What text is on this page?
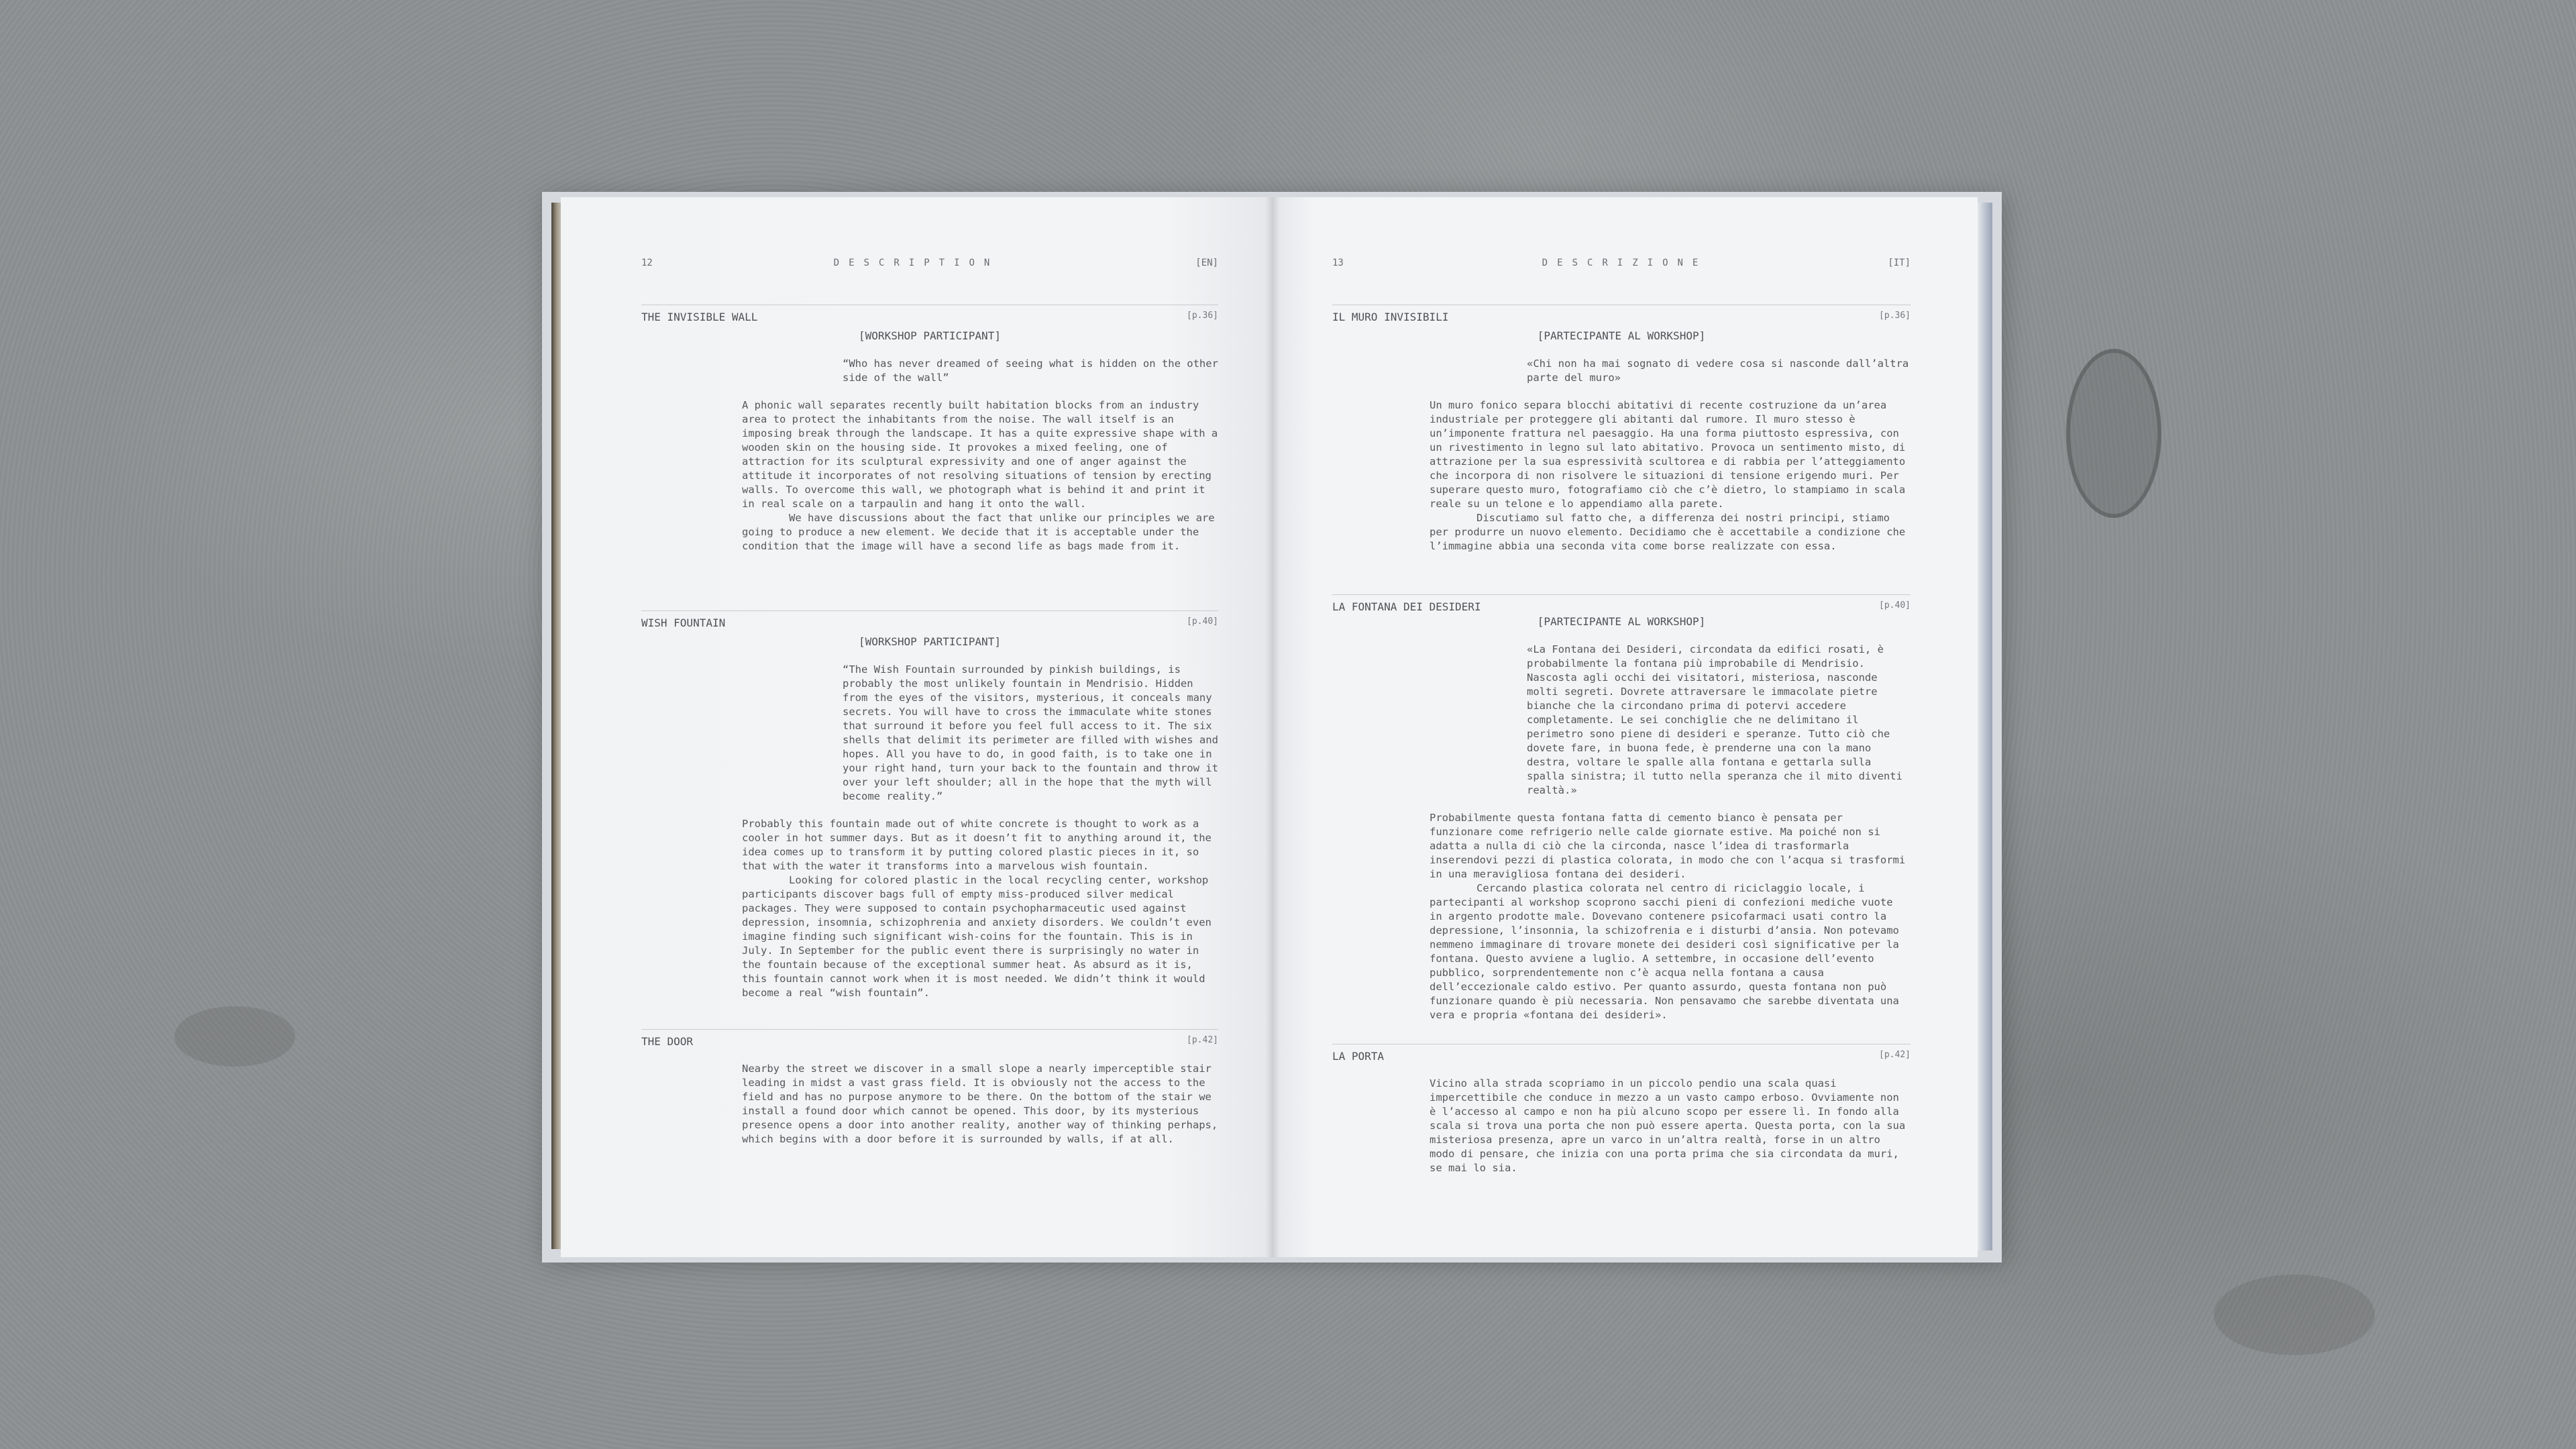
12	DESCRIPTION	[EN]
THE INVISIBLE WALL	[p.36]
[WORKSHOP PARTICIPANT]
“Who has never dreamed of seeing what is hidden on the other side of the wall”

A phonic wall separates recently built habitation blocks from an industry area to protect the inhabitants from the noise. The wall itself is an imposing break through the landscape. It has a quite expressive shape with a wooden skin on the housing side. It provokes a mixed feeling, one of attraction for its sculptural expressivity and one of anger against the attitude it incorporates of not resolving situations of tension by erecting walls. To overcome this wall, we photograph what is behind it and print it in real scale on a tarpaulin and hang it onto the wall.

We have discussions about the fact that unlike our principles we are going to produce a new element. We decide that it is acceptable under the condition that the image will have a second life as bags made from it.

WISH FOUNTAIN	[p.40]
[WORKSHOP PARTICIPANT]
“The Wish Fountain surrounded by pinkish buildings, is probably the most unlikely fountain in Mendrisio. Hidden from the eyes of the visitors, mysterious, it conceals many secrets. You will have to cross the immaculate white stones that surround it before you feel full access to it. The six shells that delimit its perimeter are filled with wishes and hopes. All you have to do, in good faith, is to take one in your right hand, turn your back to the fountain and throw it over your left shoulder; all in the hope that the myth will become reality.”

Probably this fountain made out of white concrete is thought to work as a cooler in hot summer days. But as it doesn’t fit to anything around it, the idea comes up to transform it by putting colored plastic pieces in it, so that with the water it transforms into a marvelous wish fountain.

Looking for colored plastic in the local recycling center, workshop participants discover bags full of empty miss-produced silver medical packages. They were supposed to contain psychopharmaceutic used against depression, insomnia, schizophrenia and anxiety disorders. We couldn’t even imagine finding such significant wish-coins for the fountain. This is in July. In September for the public event there is surprisingly no water in the fountain because of the exceptional summer heat. As absurd as it is, this fountain cannot work when it is most needed. We didn’t think it would become a real “wish fountain”.

THE DOOR	[p.42]

Nearby the street we discover in a small slope a nearly imperceptible stair leading in midst a vast grass field. It is obviously not the access to the field and has no purpose anymore to be there. On the bottom of the stair we install a found door which cannot be opened. This door, by its mysterious presence opens a door into another reality, another way of thinking perhaps, which begins with a door before it is surrounded by walls, if at all.

13	DESCRIZIONE	[IT]
IL MURO INVISIBILI	[p.36]
[PARTECIPANTE AL WORKSHOP]
«Chi non ha mai sognato di vedere cosa si nasconde dall’altra parte del muro»

Un muro fonico separa blocchi abitativi di recente costruzione da un’area industriale per proteggere gli abitanti dal rumore. Il muro stesso è un’imponente frattura nel paesaggio. Ha una forma piuttosto espressiva, con un rivestimento in legno sul lato abitativo. Provoca un sentimento misto, di attrazione per la sua espressività scultorea e di rabbia per l’atteggiamento che incorpora di non risolvere le situazioni di tensione erigendo muri. Per superare questo muro, fotografiamo ciò che c’è dietro, lo stampiamo in scala reale su un telone e lo appendiamo alla parete.

Discutiamo sul fatto che, a differenza dei nostri principi, stiamo per produrre un nuovo elemento. Decidiamo che è accettabile a condizione che l’immagine abbia una seconda vita come borse realizzate con essa.

LA FONTANA DEI DESIDERI	[p.40]
[PARTECIPANTE AL WORKSHOP]
«La Fontana dei Desideri, circondata da edifici rosati, è probabilmente la fontana più improbabile di Mendrisio. Nascosta agli occhi dei visitatori, misteriosa, nasconde molti segreti. Dovrete attraversare le immacolate pietre bianche che la circondano prima di potervi accedere completamente. Le sei conchiglie che ne delimitano il perimetro sono piene di desideri e speranze. Tutto ciò che dovete fare, in buona fede, è prenderne una con la mano destra, voltare le spalle alla fontana e gettarla sulla spalla sinistra; il tutto nella speranza che il mito diventi realtà.»

Probabilmente questa fontana fatta di cemento bianco è pensata per funzionare come refrigerio nelle calde giornate estive. Ma poiché non si adatta a nulla di ciò che la circonda, nasce l’idea di trasformarla inserendovi pezzi di plastica colorata, in modo che con l’acqua si trasformi in una meravigliosa fontana dei desideri.

Cercando plastica colorata nel centro di riciclaggio locale, i partecipanti al workshop scoprono sacchi pieni di confezioni mediche vuote in argento prodotte male. Dovevano contenere psicofarmaci usati contro la depressione, l’insonnia, la schizofrenia e i disturbi d’ansia. Non potevamo nemmeno immaginare di trovare monete dei desideri così significative per la fontana. Questo avviene a luglio. A settembre, in occasione dell’evento pubblico, sorprendentemente non c’è acqua nella fontana a causa dell’eccezionale caldo estivo. Per quanto assurdo, questa fontana non può funzionare quando è più necessaria. Non pensavamo che sarebbe diventata una vera e propria «fontana dei desideri».

LA PORTA	[p.42]

Vicino alla strada scopriamo in un piccolo pendio una scala quasi impercettibile che conduce in mezzo a un vasto campo erboso. Ovviamente non è l’accesso al campo e non ha più alcuno scopo per essere lì. In fondo alla scala si trova una porta che non può essere aperta. Questa porta, con la sua misteriosa presenza, apre un varco in un’altra realtà, forse in un altro modo di pensare, che inizia con una porta prima che sia circondata da muri, se mai lo sia.
